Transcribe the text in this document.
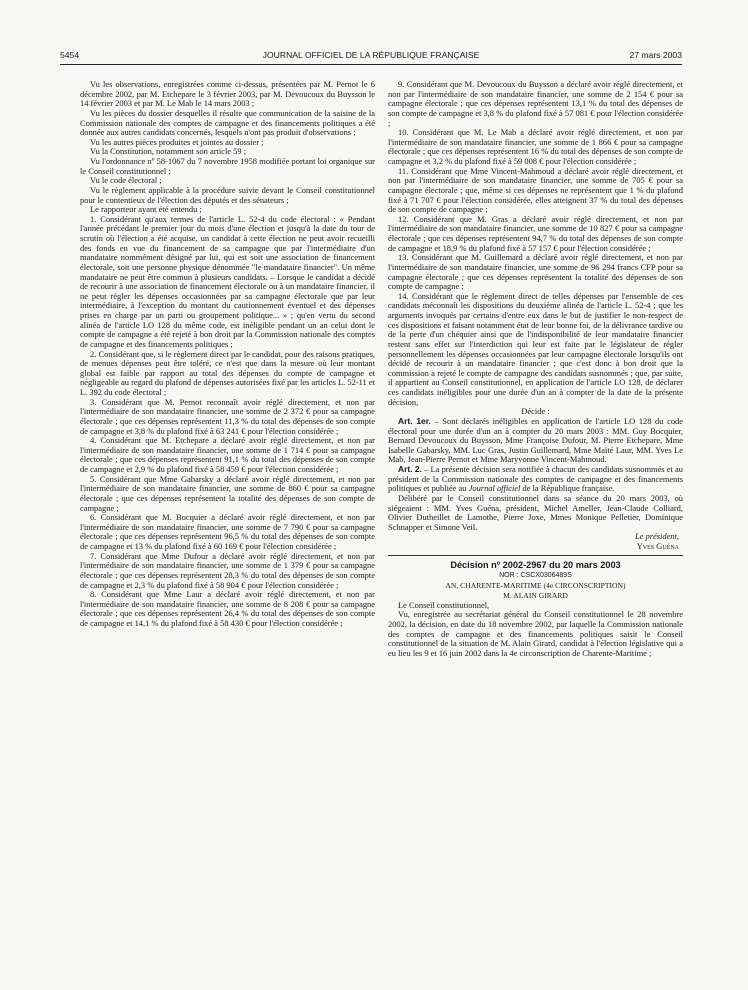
5454	JOURNAL OFFICIEL DE LA RÉPUBLIQUE FRANÇAISE	27 mars 2003

Vu les observations, enregistrées comme ci-dessus, présentées par M. Pernot le 6 décembre 2002, par M. Etchepare le 3 février 2003, par M. Devoucoux du Buysson le 14 février 2003 et par M. Le Mab le 14 mars 2003 ;

Vu les pièces du dossier desquelles il résulte que communication de la saisine de la Commission nationale des comptes de campagne et des financements politiques a été donnée aux autres candidats concernés, lesquels n'ont pas produit d'observations ;

Vu les autres pièces produites et jointes au dossier ;

Vu la Constitution, notamment son article 59 ;

Vu l'ordonnance nº 58-1067 du 7 novembre 1958 modifiée portant loi organique sur le Conseil constitutionnel ;

Vu le code électoral ;

Vu le règlement applicable à la procédure suivie devant le Conseil constitutionnel pour le contentieux de l'élection des députés et des sénateurs ;

Le rapporteur ayant été entendu ;

1. Considérant qu'aux termes de l'article L. 52-4 du code électoral : « Pendant l'année précédant le premier jour du mois d'une élection et jusqu'à la date du tour de scrutin où l'élection a été acquise, un candidat à cette élection ne peut avoir recueilli des fonds en vue du financement de sa campagne que par l'intermédiaire d'un mandataire nommément désigné par lui, qui est soit une association de financement électorale, soit une personne physique dénommée "le mandataire financier". Un même mandataire ne peut être commun à plusieurs candidats. – Lorsque le candidat a décidé de recourir à une association de financement électorale ou à un mandataire financier, il ne peut régler les dépenses occasionnées par sa campagne électorale que par leur intermédiaire, à l'exception du montant du cautionnement éventuel et des dépenses prises en charge par un parti ou groupement politique... » ; qu'en vertu du second alinéa de l'article LO 128 du même code, est inéligible pendant un an celui dont le compte de campagne a été rejeté à bon droit par la Commission nationale des comptes de campagne et des financements politiques ;

2. Considérant que, si le règlement direct par le candidat, pour des raisons pratiques, de menues dépenses peut être toléré, ce n'est que dans la mesure où leur montant global est faible par rapport au total des dépenses du compte de campagne et négligeable au regard du plafond de dépenses autorisées fixé par les articles L. 52-11 et L. 392 du code électoral ;

3. Considérant que M. Pernot reconnaît avoir réglé directement, et non par l'intermédiaire de son mandataire financier, une somme de 2 372 € pour sa campagne électorale ; que ces dépenses représentent 11,3 % du total des dépenses de son compte de campagne et 3,8 % du plafond fixé à 63 241 € pour l'élection considérée ;

4. Considérant que M. Etchepare a déclaré avoir réglé directement, et non par l'intermédiaire de son mandataire financier, une somme de 1 714 € pour sa campagne électorale ; que ces dépenses représentent 91,1 % du total des dépenses de son compte de campagne et 2,9 % du plafond fixé à 58 459 € pour l'élection considérée ;

5. Considérant que Mme Gabarsky a déclaré avoir réglé directement, et non par l'intermédiaire de son mandataire financier, une somme de 860 € pour sa campagne électorale ; que ces dépenses représentent la totalité des dépenses de son compte de campagne ;

6. Considérant que M. Bocquier a déclaré avoir réglé directement, et non par l'intermédiaire de son mandataire financier, une somme de 7 790 € pour sa campagne électorale ; que ces dépenses représentent 96,5 % du total des dépenses de son compte de campagne et 13 % du plafond fixé à 60 169 € pour l'élection considérée ;

7. Considérant que Mme Dufour a déclaré avoir réglé directement, et non par l'intermédiaire de son mandataire financier, une somme de 1 379 € pour sa campagne électorale ; que ces dépenses représentent 28,3 % du total des dépenses de son compte de campagne et 2,3 % du plafond fixé à 58 904 € pour l'élection considérée ;

8. Considérant que Mme Laur a déclaré avoir réglé directement, et non par l'intermédiaire de son mandataire financier, une somme de 8 208 € pour sa campagne électorale ; que ces dépenses représentent 26,4 % du total des dépenses de son compte de campagne et 14,1 % du plafond fixé à 58 430 € pour l'élection considérée ;

9. Considérant que M. Devoucoux du Buysson a déclaré avoir réglé directement, et non par l'intermédiaire de son mandataire financier, une somme de 2 154 € pour sa campagne électorale ; que ces dépenses représentent 13,1 % du total des dépenses de son compte de campagne et 3,8 % du plafond fixé à 57 081 € pour l'élection considérée ;

10. Considérant que M. Le Mab a déclaré avoir réglé directement, et non par l'intermédiaire de son mandataire financier, une somme de 1 866 € pour sa campagne électorale ; que ces dépenses représentent 16 % du total des dépenses de son compte de campagne et 3,2 % du plafond fixé à 59 008 € pour l'élection considérée ;

11. Considérant que Mme Vincent-Mahmoud a déclaré avoir réglé directement, et non par l'intermédiaire de son mandataire financier, une somme de 705 € pour sa campagne électorale ; que, même si ces dépenses ne représentent que 1 % du plafond fixé à 71 707 € pour l'élection considérée, elles atteignent 37 % du total des dépenses de son compte de campagne ;

12. Considérant que M. Gras a déclaré avoir réglé directement, et non par l'intermédiaire de son mandataire financier, une somme de 10 827 € pour sa campagne électorale ; que ces dépenses représentent 94,7 % du total des dépenses de son compte de campagne et 18,9 % du plafond fixé à 57 157 € pour l'élection considérée ;

13. Considérant que M. Guillemard a déclaré avoir réglé directement, et non par l'intermédiaire de son mandataire financier, une somme de 96 294 francs CFP pour sa campagne électorale ; que ces dépenses représentent la totalité des dépenses de son compte de campagne ;

14. Considérant que le règlement direct de telles dépenses par l'ensemble de ces candidats méconnaît les dispositions du deuxième alinéa de l'article L. 52-4 ; que les arguments invoqués par certains d'entre eux dans le but de justifier le non-respect de ces dispositions et faisant notamment état de leur bonne foi, de la délivrance tardive ou de la perte d'un chéquier ainsi que de l'indisponibilité de leur mandataire financier restent sans effet sur l'interdiction qui leur est faite par le législateur de régler personnellement les dépenses occasionnées par leur campagne électorale lorsqu'ils ont décidé de recourir à un mandataire financier ; que c'est donc à bon droit que la commission a rejeté le compte de campagne des candidats susnommés ; que, par suite, il appartient au Conseil constitutionnel, en application de l'article LO 128, de déclarer ces candidats inéligibles pour une durée d'un an à compter de la date de la présente décision,

Décide :

Art. 1er. – Sont déclarés inéligibles en application de l'article LO 128 du code électoral pour une durée d'un an à compter du 20 mars 2003 : MM. Guy Bocquier, Bernard Devoucoux du Buysson, Mme Françoise Dufour, M. Pierre Etchepare, Mme Isabelle Gabarsky, MM. Luc Gras, Justin Guillemard, Mme Maïté Laur, MM. Yves Le Mab, Jean-Pierre Pernot et Mme Maryvonne Vincent-Mahmoud.

Art. 2. – La présente décision sera notifiée à chacun des candidats susnommés et au président de la Commission nationale des comptes de campagne et des financements politiques et publiée au Journal officiel de la République française.

Délibéré par le Conseil constitutionnel dans sa séance du 20 mars 2003, où siégeaient : MM. Yves Guéna, président, Michel Ameller, Jean-Claude Colliard, Olivier Dutheillet de Lamothe, Pierre Joxe, Mmes Monique Pelletier, Dominique Schnapper et Simone Veil.

Le président,

Yves Guéna

Décision nº 2002-2967 du 20 mars 2003

NOR : CSCX0306489S

AN, CHARENTE-MARITIME (4e CIRCONSCRIPTION)

M. ALAIN GIRARD

Le Conseil constitutionnel,

Vu, enregistrée au secrétariat général du Conseil constitutionnel le 28 novembre 2002, la décision, en date du 18 novembre 2002, par laquelle la Commission nationale des comptes de campagne et des financements politiques saisit le Conseil constitutionnel de la situation de M. Alain Girard, candidat à l'élection législative qui a eu lieu les 9 et 16 juin 2002 dans la 4e circonscription de Charente-Maritime ;
